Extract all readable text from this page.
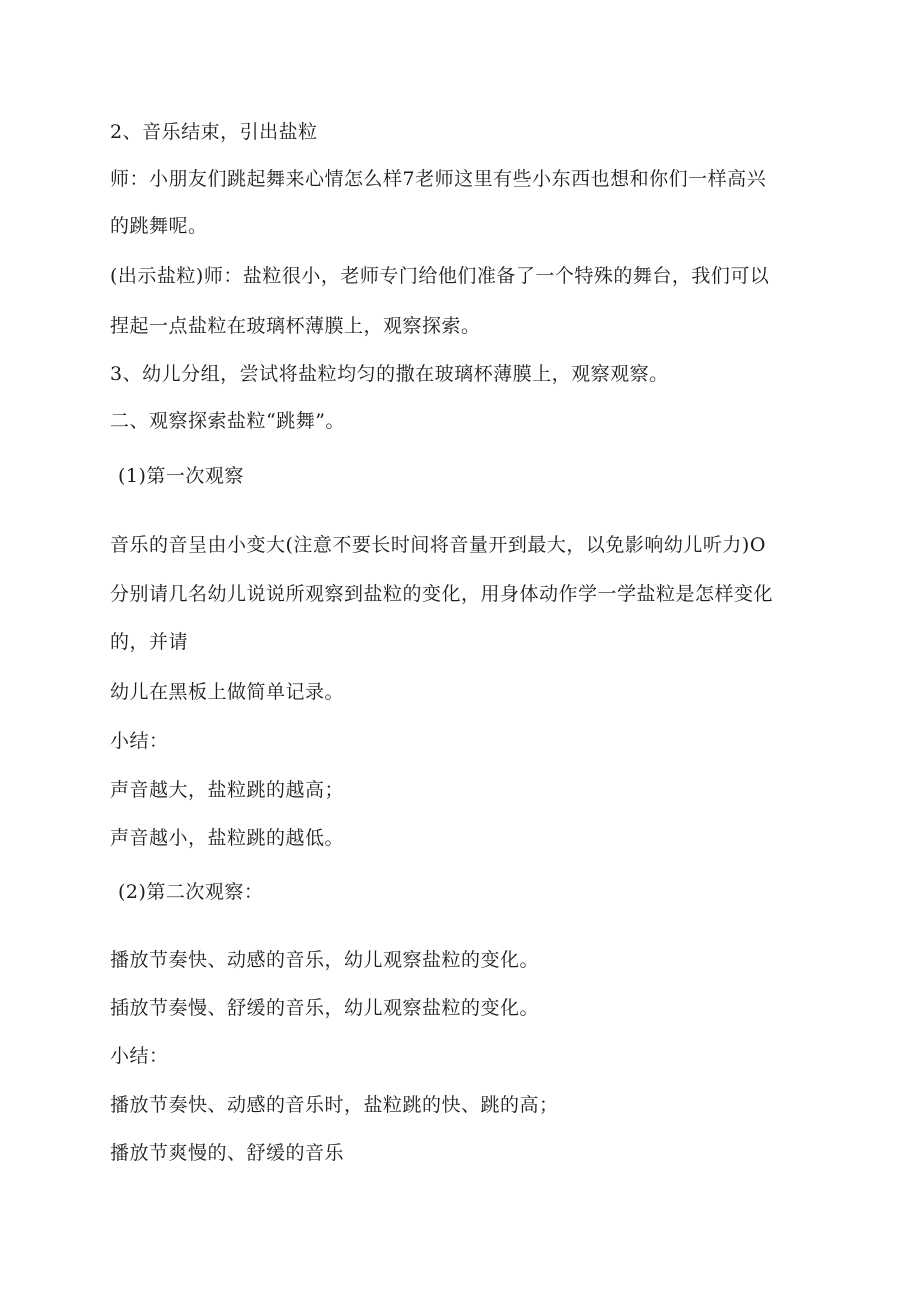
2、音乐结束，引出盐粒
师：小朋友们跳起舞来心情怎么样7老师这里有些小东西也想和你们一样高兴
的跳舞呢。
(出示盐粒)师：盐粒很小，老师专门给他们准备了一个特殊的舞台，我们可以
捏起一点盐粒在玻璃杯薄膜上，观察探索。
3、幼儿分组，尝试将盐粒均匀的撒在玻璃杯薄膜上，观察观察。
二、观察探索盐粒“跳舞”。
(1)第一次观察
音乐的音呈由小变大(注意不要长时间将音量开到最大，以免影响幼儿听力)O
分别请几名幼儿说说所观察到盐粒的变化，用身体动作学一学盐粒是怎样变化
的，并请
幼儿在黑板上做简单记录。
小结：
声音越大，盐粒跳的越高；
声音越小，盐粒跳的越低。
(2)第二次观察：
播放节奏快、动感的音乐，幼儿观察盐粒的变化。
插放节奏慢、舒缓的音乐，幼儿观察盐粒的变化。
小结：
播放节奏快、动感的音乐时，盐粒跳的快、跳的高；
播放节爽慢的、舒缓的音乐
